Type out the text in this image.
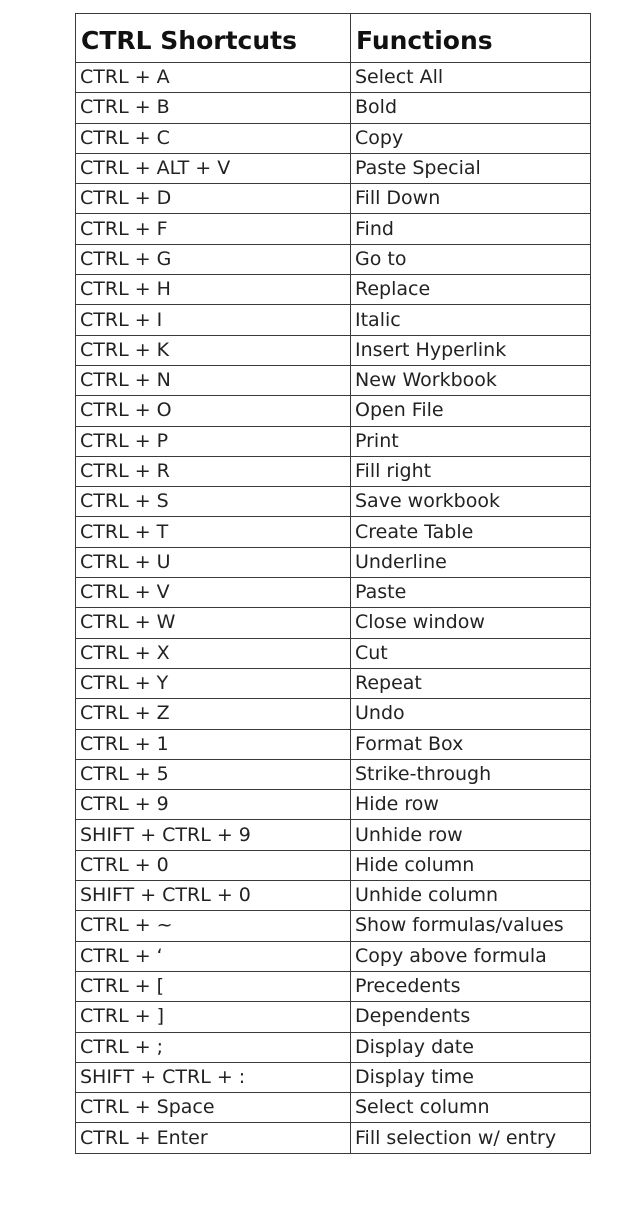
CTRL Shortcuts	Functions
CTRL + A	Select All
CTRL + B	Bold
CTRL + C	Copy
CTRL + ALT + V	Paste Special
CTRL + D	Fill Down
CTRL + F	Find
CTRL + G	Go to
CTRL + H	Replace
CTRL + I	Italic
CTRL + K	Insert Hyperlink
CTRL + N	New Workbook
CTRL + O	Open File
CTRL + P	Print
CTRL + R	Fill right
CTRL + S	Save workbook
CTRL + T	Create Table
CTRL + U	Underline
CTRL + V	Paste
CTRL + W	Close window
CTRL + X	Cut
CTRL + Y	Repeat
CTRL + Z	Undo
CTRL + 1	Format Box
CTRL + 5	Strike-through
CTRL + 9	Hide row
SHIFT + CTRL + 9	Unhide row
CTRL + 0	Hide column
SHIFT + CTRL + 0	Unhide column
CTRL + ~	Show formulas/values
CTRL + ‘	Copy above formula
CTRL + [	Precedents
CTRL + ]	Dependents
CTRL + ;	Display date
SHIFT + CTRL + :	Display time
CTRL + Space	Select column
CTRL + Enter	Fill selection w/ entry
